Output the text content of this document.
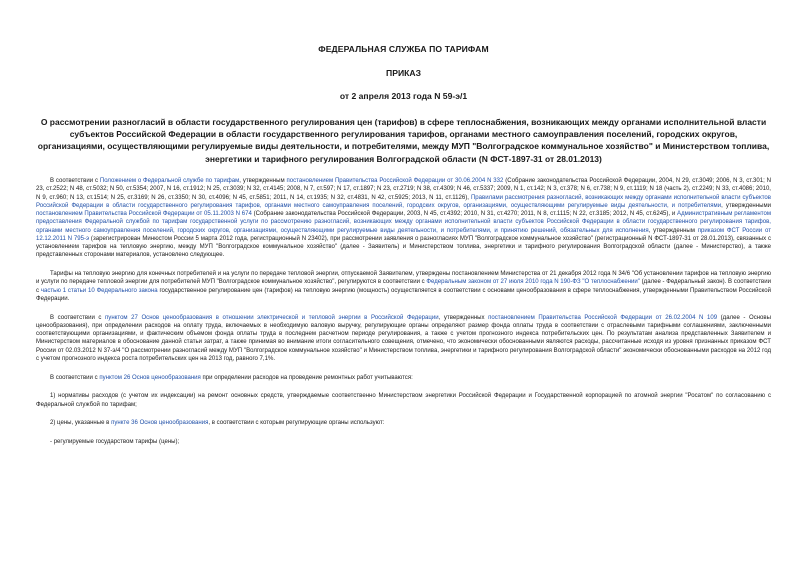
ФЕДЕРАЛЬНАЯ СЛУЖБА ПО ТАРИФАМ
ПРИКАЗ
от 2 апреля 2013 года N 59-э/1
О рассмотрении разногласий в области государственного регулирования цен (тарифов) в сфере теплоснабжения, возникающих между органами исполнительной власти субъектов Российской Федерации в области государственного регулирования тарифов, органами местного самоуправления поселений, городских округов, организациями, осуществляющими регулируемые виды деятельности, и потребителями, между МУП "Волгоградское коммунальное хозяйство" и Министерством топлива, энергетики и тарифного регулирования Волгоградской области (N ФСТ-1897-31 от 28.01.2013)

В соответствии с Положением о Федеральной службе по тарифам, утвержденным постановлением Правительства Российской Федерации от 30.06.2004 N 332 (Собрание законодательства Российской Федерации, 2004, N 29, ст.3049; 2006, N 3, ст.301; N 23, ст.2522; N 48, ст.5032; N 50, ст.5354; 2007, N 16, ст.1912; N 25, ст.3039; N 32, ст.4145; 2008, N 7, ст.597; N 17, ст.1897; N 23, ст.2719; N 38, ст.4309; N 46, ст.5337; 2009, N 1, ст.142; N 3, ст.378; N 6, ст.738; N 9, ст.1119; N 18 (часть 2), ст.2249; N 33, ст.4086; 2010, N 9, ст.960; N 13, ст.1514; N 25, ст.3169; N 26, ст.3350; N 30, ст.4096; N 45, ст.5851; 2011, N 14, ст.1935; N 32, ст.4831, N 42, ст.5925; 2013, N 11, ст.1126), Правилами рассмотрения разногласий, возникающих между органами исполнительной власти субъектов Российской Федерации в области государственного регулирования тарифов, органами местного самоуправления поселений, городских округов, организациями, осуществляющими регулируемые виды деятельности, и потребителями, утвержденными постановлением Правительства Российской Федерации от 05.11.2003 N 674 (Собрание законодательства Российской Федерации, 2003, N 45, ст.4392; 2010, N 31, ст.4270; 2011, N 8, ст.1115; N 22, ст.3185; 2012, N 45, ст.6245), и Административным регламентом предоставления Федеральной службой по тарифам государственной услуги по рассмотрению разногласий, возникающих между органами исполнительной власти субъектов Российской Федерации в области государственного регулирования тарифов, органами местного самоуправления поселений, городских округов, организациями, осуществляющими регулируемые виды деятельности, и потребителями, и принятию решений, обязательных для исполнения, утвержденным приказом ФСТ России от 12.12.2011 N 795-э (зарегистрирован Минюстом России 5 марта 2012 года, регистрационный N 23402), при рассмотрении заявления о разногласиях МУП "Волгоградское коммунальное хозяйство" (регистрационный N ФСТ-1897-31 от 28.01.2013), связанных с установлением тарифов на тепловую энергию, между МУП "Волгоградское коммунальное хозяйство" (далее - Заявитель) и Министерством топлива, энергетики и тарифного регулирования Волгоградской области (далее - Министерство), а также представленных сторонами материалов, установлено следующее.

Тарифы на тепловую энергию для конечных потребителей и на услуги по передаче тепловой энергии, отпускаемой Заявителем, утверждены постановлением Министерства от 21 декабря 2012 года N 34/6 "Об установлении тарифов на тепловую энергию и услуги по передаче тепловой энергии для потребителей МУП "Волгоградское коммунальное хозяйство", регулируются в соответствии с Федеральным законом от 27 июля 2010 года N 190-ФЗ "О теплоснабжении" (далее - Федеральный закон). В соответствии с частью 1 статьи 10 Федерального закона государственное регулирование цен (тарифов) на тепловую энергию (мощность) осуществляется в соответствии с основами ценообразования в сфере теплоснабжения, утвержденными Правительством Российской Федерации.

В соответствии с пунктом 27 Основ ценообразования в отношении электрической и тепловой энергии в Российской Федерации, утвержденных постановлением Правительства Российской Федерации от 26.02.2004 N 109 (далее - Основы ценообразования), при определении расходов на оплату труда, включаемых в необходимую валовую выручку, регулирующие органы определяют размер фонда оплаты труда в соответствии с отраслевыми тарифными соглашениями, заключенными соответствующими организациями, и фактическим объемом фонда оплаты труда в последнем расчетном периоде регулирования, а также с учетом прогнозного индекса потребительских цен. По результатам анализа представленных Заявителем и Министерством материалов в обоснование данной статьи затрат, а также принимая во внимание итоги согласительного совещения, отмечено, что экономически обоснованными являются расходы, рассчитанные исходя из уровня признанных приказом ФСТ России от 02.03.2012 N 37-э/4 "О рассмотрении разногласий между МУП "Волгоградское коммунальное хозяйство" и Министерством топлива, энергетики и тарифного регулирования Волгоградской области" экономически обоснованными расходов на 2012 год с учетом прогнозного индекса роста потребительских цен на 2013 год, равного 7,1%.

В соответствии с пунктом 26 Основ ценообразования при определении расходов на проведение ремонтных работ учитываются:

1) нормативы расходов (с учетом их индексации) на ремонт основных средств, утверждаемые соответственно Министерством энергетики Российской Федерации и Государственной корпорацией по атомной энергии "Росатом" по согласованию с Федеральной службой по тарифам;

2) цены, указанные в пункте 36 Основ ценообразования, в соответствии с которым регулирующие органы используют:

- регулируемые государством тарифы (цены);
